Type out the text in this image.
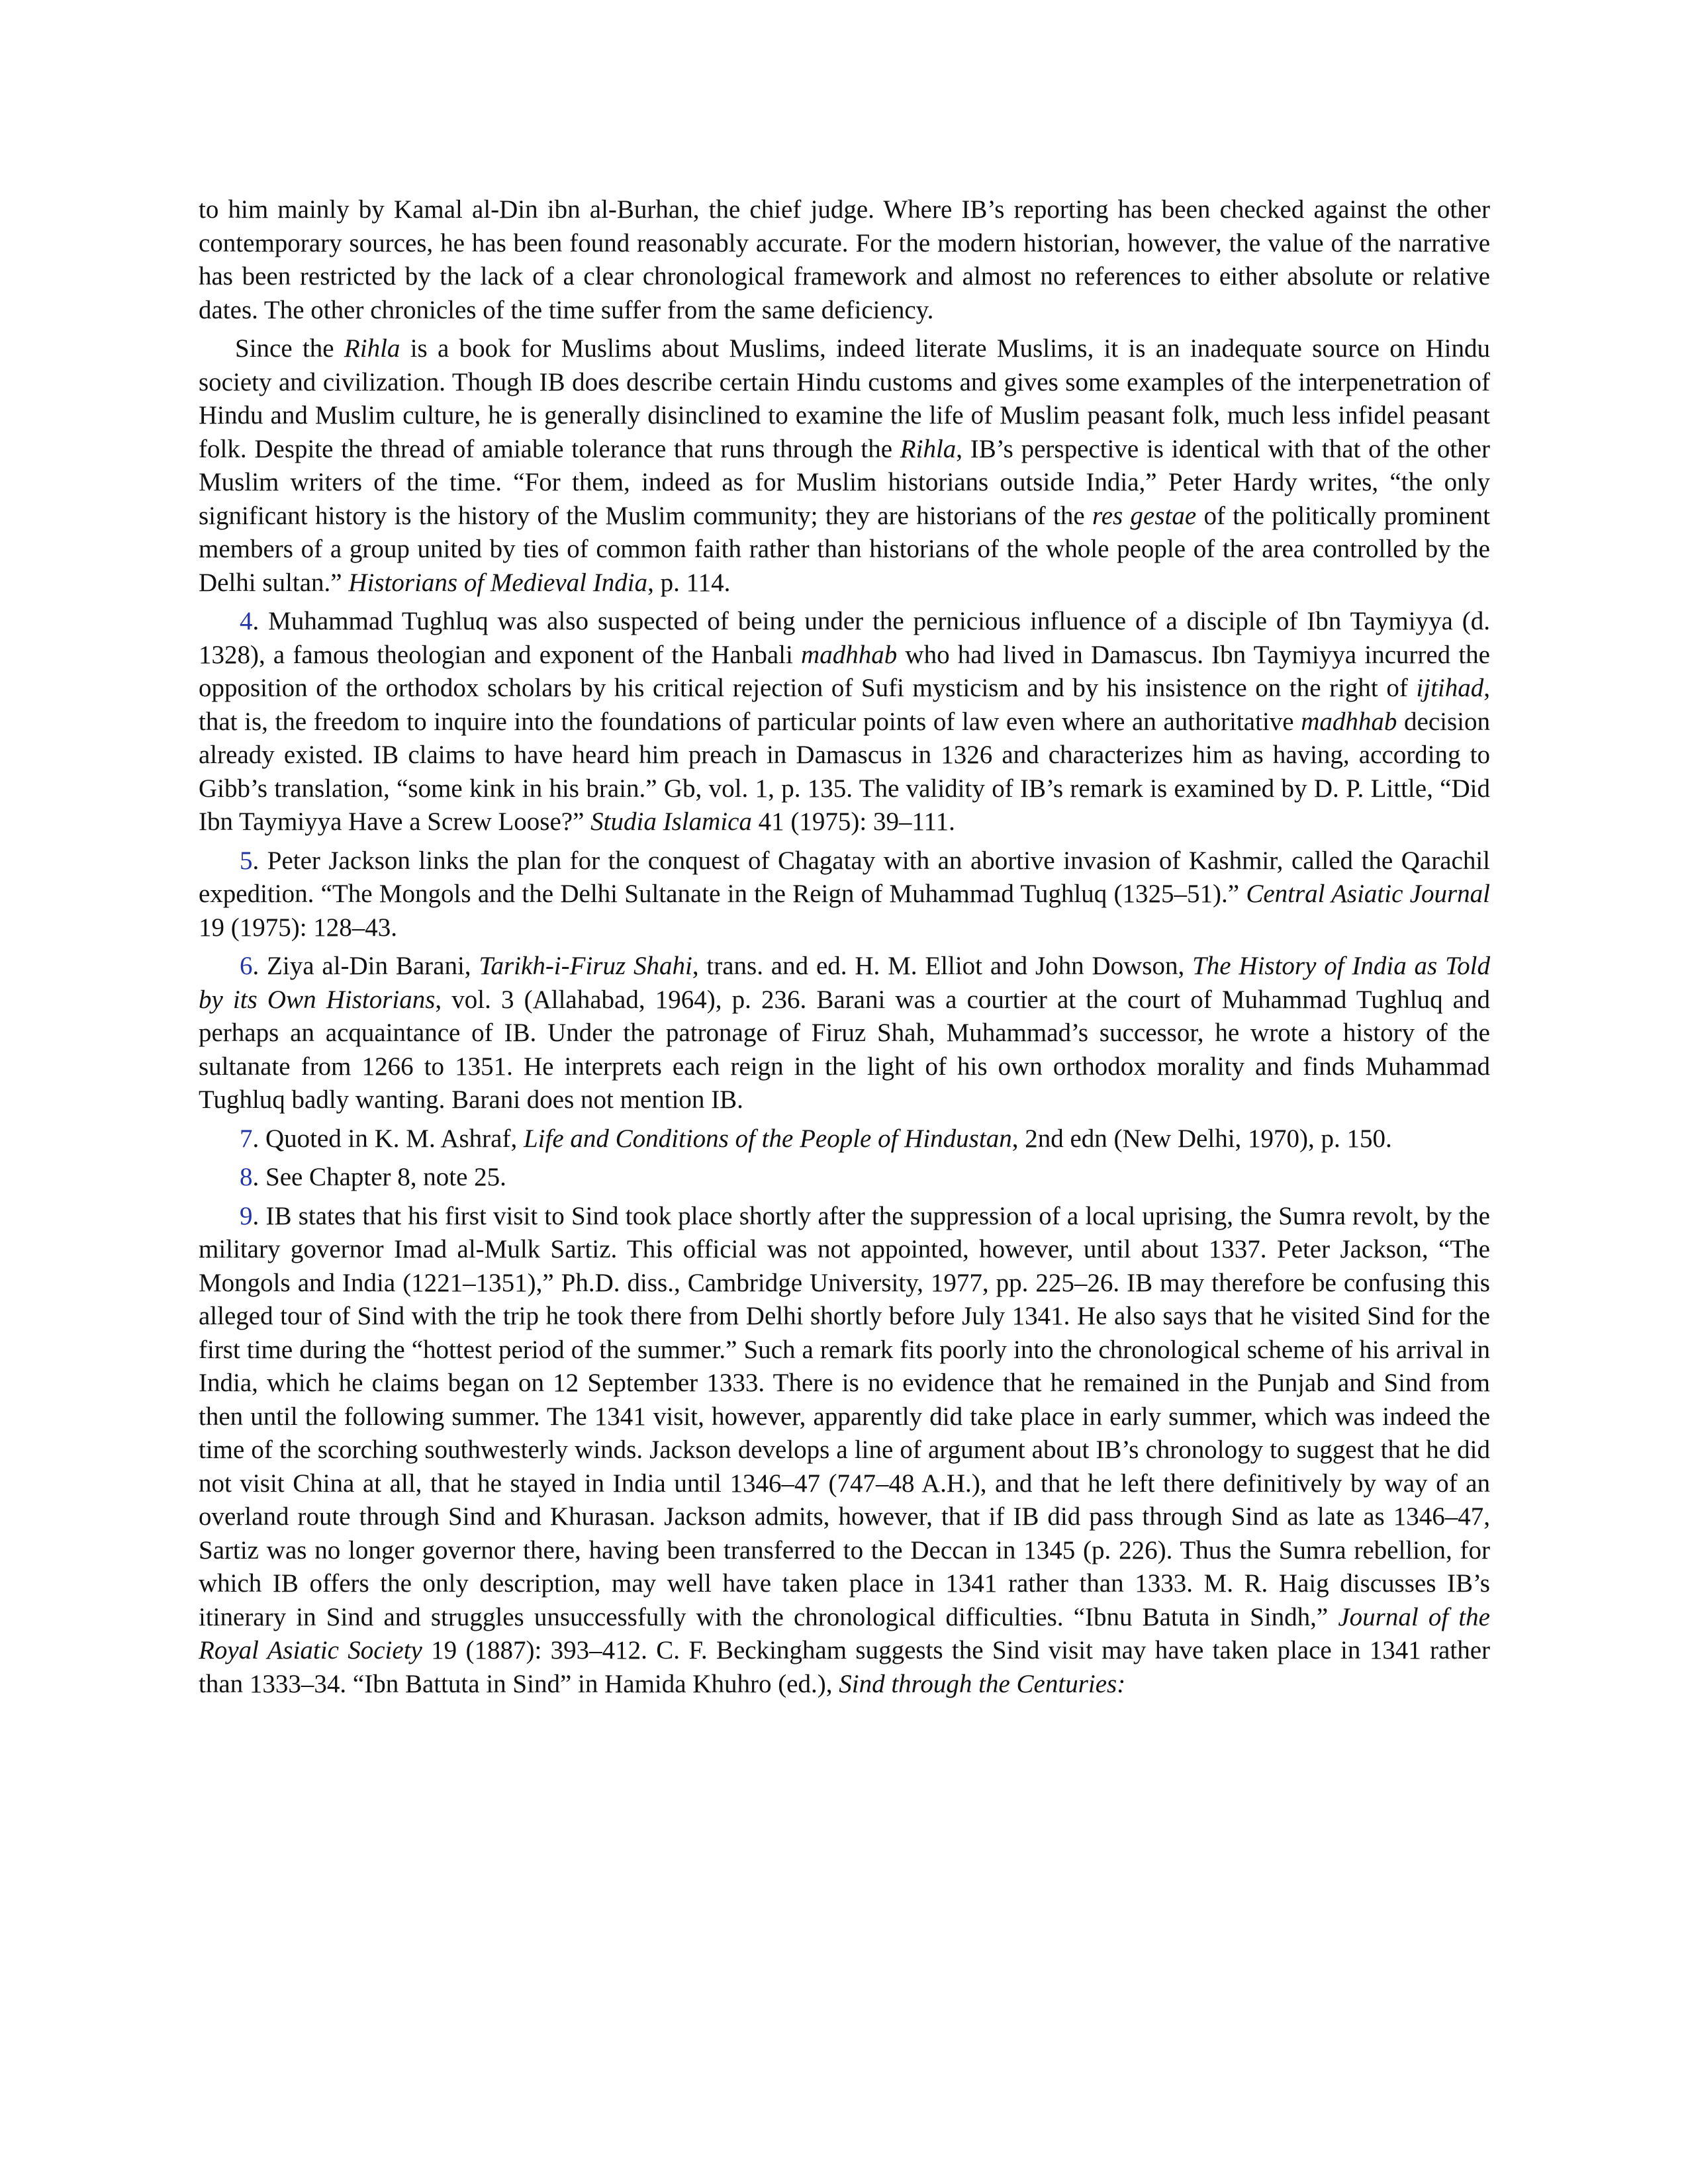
to him mainly by Kamal al-Din ibn al-Burhan, the chief judge. Where IB’s reporting has been checked against the other contemporary sources, he has been found reasonably accurate. For the modern historian, however, the value of the narrative has been restricted by the lack of a clear chronological framework and almost no references to either absolute or relative dates. The other chronicles of the time suffer from the same deficiency.

Since the Rihla is a book for Muslims about Muslims, indeed literate Muslims, it is an inadequate source on Hindu society and civilization. Though IB does describe certain Hindu customs and gives some examples of the interpenetration of Hindu and Muslim culture, he is generally disinclined to examine the life of Muslim peasant folk, much less infidel peasant folk. Despite the thread of amiable tolerance that runs through the Rihla, IB’s perspective is identical with that of the other Muslim writers of the time. “For them, indeed as for Muslim historians outside India,” Peter Hardy writes, “the only significant history is the history of the Muslim community; they are historians of the res gestae of the politically prominent members of a group united by ties of common faith rather than historians of the whole people of the area controlled by the Delhi sultan.” Historians of Medieval India, p. 114.

4. Muhammad Tughluq was also suspected of being under the pernicious influence of a disciple of Ibn Taymiyya (d. 1328), a famous theologian and exponent of the Hanbali madhhab who had lived in Damascus. Ibn Taymiyya incurred the opposition of the orthodox scholars by his critical rejection of Sufi mysticism and by his insistence on the right of ijtihad, that is, the freedom to inquire into the foundations of particular points of law even where an authoritative madhhab decision already existed. IB claims to have heard him preach in Damascus in 1326 and characterizes him as having, according to Gibb’s translation, “some kink in his brain.” Gb, vol. 1, p. 135. The validity of IB’s remark is examined by D. P. Little, “Did Ibn Taymiyya Have a Screw Loose?” Studia Islamica 41 (1975): 39–111.

5. Peter Jackson links the plan for the conquest of Chagatay with an abortive invasion of Kashmir, called the Qarachil expedition. “The Mongols and the Delhi Sultanate in the Reign of Muhammad Tughluq (1325–51).” Central Asiatic Journal 19 (1975): 128–43.

6. Ziya al-Din Barani, Tarikh-i-Firuz Shahi, trans. and ed. H. M. Elliot and John Dowson, The History of India as Told by its Own Historians, vol. 3 (Allahabad, 1964), p. 236. Barani was a courtier at the court of Muhammad Tughluq and perhaps an acquaintance of IB. Under the patronage of Firuz Shah, Muhammad’s successor, he wrote a history of the sultanate from 1266 to 1351. He interprets each reign in the light of his own orthodox morality and finds Muhammad Tughluq badly wanting. Barani does not mention IB.

7. Quoted in K. M. Ashraf, Life and Conditions of the People of Hindustan, 2nd edn (New Delhi, 1970), p. 150.

8. See Chapter 8, note 25.

9. IB states that his first visit to Sind took place shortly after the suppression of a local uprising, the Sumra revolt, by the military governor Imad al-Mulk Sartiz. This official was not appointed, however, until about 1337. Peter Jackson, “The Mongols and India (1221–1351),” Ph.D. diss., Cambridge University, 1977, pp. 225–26. IB may therefore be confusing this alleged tour of Sind with the trip he took there from Delhi shortly before July 1341. He also says that he visited Sind for the first time during the “hottest period of the summer.” Such a remark fits poorly into the chronological scheme of his arrival in India, which he claims began on 12 September 1333. There is no evidence that he remained in the Punjab and Sind from then until the following summer. The 1341 visit, however, apparently did take place in early summer, which was indeed the time of the scorching southwesterly winds. Jackson develops a line of argument about IB’s chronology to suggest that he did not visit China at all, that he stayed in India until 1346–47 (747–48 A.H.), and that he left there definitively by way of an overland route through Sind and Khurasan. Jackson admits, however, that if IB did pass through Sind as late as 1346–47, Sartiz was no longer governor there, having been transferred to the Deccan in 1345 (p. 226). Thus the Sumra rebellion, for which IB offers the only description, may well have taken place in 1341 rather than 1333. M. R. Haig discusses IB’s itinerary in Sind and struggles unsuccessfully with the chronological difficulties. “Ibnu Batuta in Sindh,” Journal of the Royal Asiatic Society 19 (1887): 393–412. C. F. Beckingham suggests the Sind visit may have taken place in 1341 rather than 1333–34. “Ibn Battuta in Sind” in Hamida Khuhro (ed.), Sind through the Centuries:
